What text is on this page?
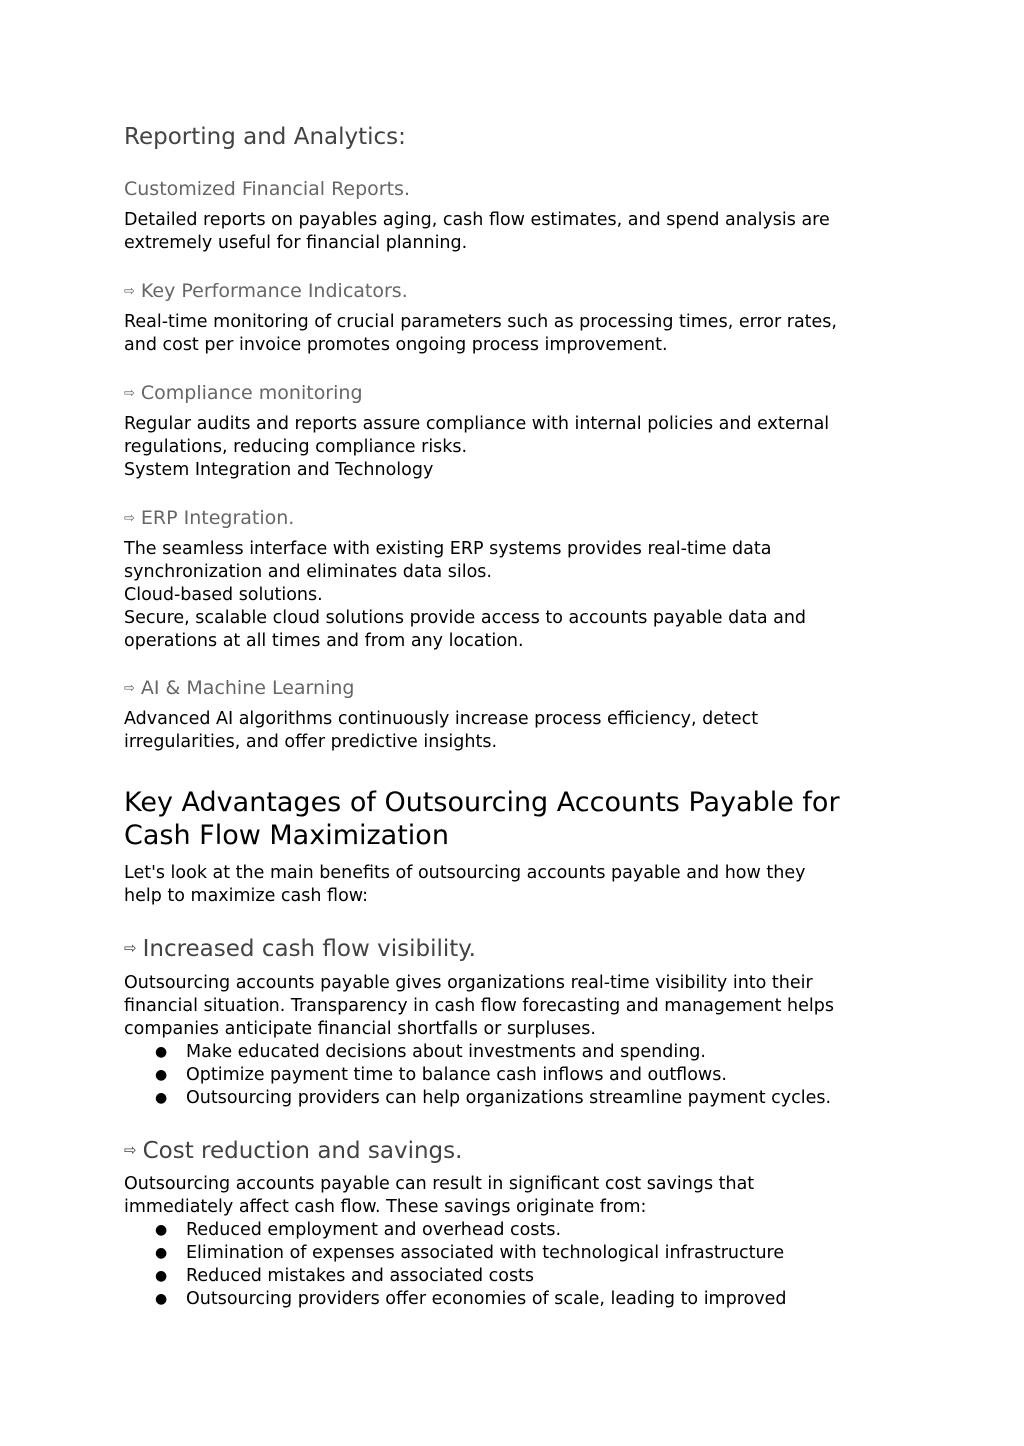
Reporting and Analytics:
Customized Financial Reports.

Detailed reports on payables aging, cash flow estimates, and spend analysis are
extremely useful for financial planning.

⇨ Key Performance Indicators.

Real-time monitoring of crucial parameters such as processing times, error rates,
and cost per invoice promotes ongoing process improvement.

⇨ Compliance monitoring

Regular audits and reports assure compliance with internal policies and external
regulations, reducing compliance risks.
System Integration and Technology

⇨ ERP Integration.

The seamless interface with existing ERP systems provides real-time data
synchronization and eliminates data silos.
Cloud-based solutions.
Secure, scalable cloud solutions provide access to accounts payable data and
operations at all times and from any location.

⇨ AI & Machine Learning

Advanced AI algorithms continuously increase process efficiency, detect
irregularities, and offer predictive insights.

Key Advantages of Outsourcing Accounts Payable for
Cash Flow Maximization

Let's look at the main benefits of outsourcing accounts payable and how they
help to maximize cash flow:

⇨ Increased cash flow visibility.

Outsourcing accounts payable gives organizations real-time visibility into their
financial situation. Transparency in cash flow forecasting and management helps
companies anticipate financial shortfalls or surpluses.

● Make educated decisions about investments and spending.
● Optimize payment time to balance cash inflows and outflows.
● Outsourcing providers can help organizations streamline payment cycles.
⇨ Cost reduction and savings.

Outsourcing accounts payable can result in significant cost savings that
immediately affect cash flow. These savings originate from:

● Reduced employment and overhead costs.
● Elimination of expenses associated with technological infrastructure
● Reduced mistakes and associated costs
● Outsourcing providers offer economies of scale, leading to improved
